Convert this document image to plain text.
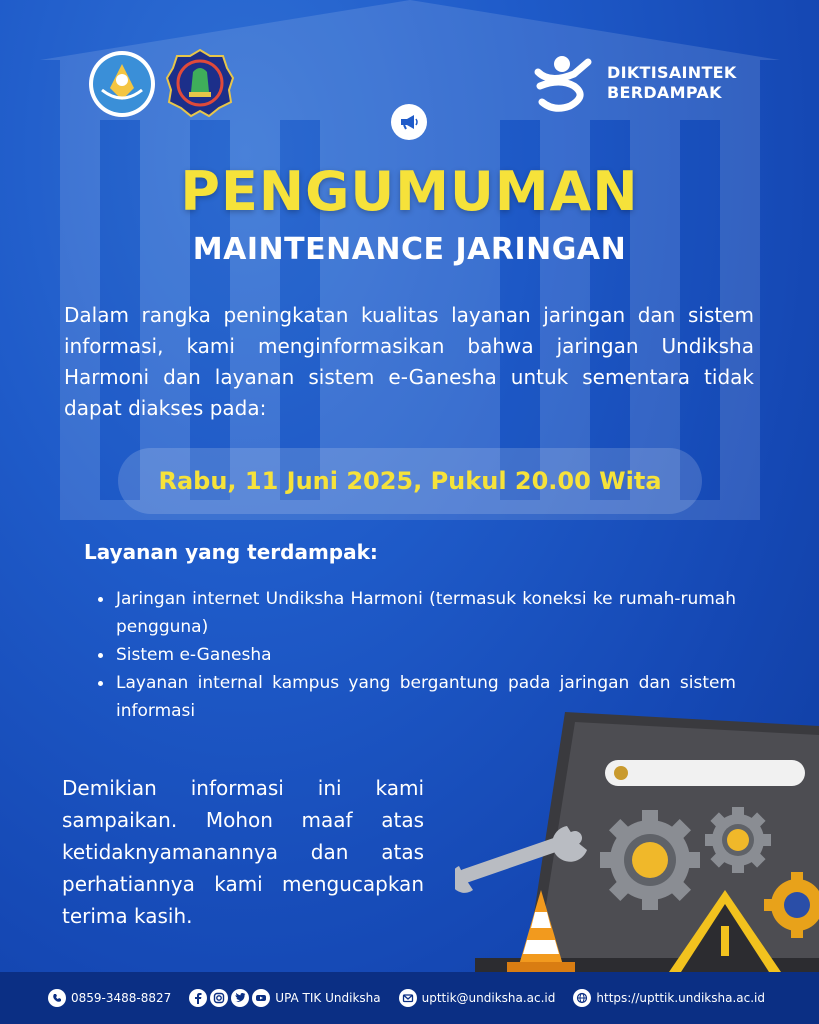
DIKTISAINTEK
BERDAMPAK
PENGUMUMAN
MAINTENANCE JARINGAN
Dalam rangka peningkatan kualitas layanan jaringan dan sistem informasi, kami menginformasikan bahwa jaringan Undiksha Harmoni dan layanan sistem e-Ganesha untuk sementara tidak dapat diakses pada:
Rabu, 11 Juni 2025, Pukul 20.00 Wita
Layanan yang terdampak:
Jaringan internet Undiksha Harmoni (termasuk koneksi ke rumah-rumah pengguna)
Sistem e-Ganesha
Layanan internal kampus yang bergantung pada jaringan dan sistem informasi
Demikian informasi ini kami sampaikan. Mohon maaf atas ketidaknyamanannya dan atas perhatiannya kami mengucapkan terima kasih.
0859-3488-8827	UPA TIK Undiksha	upttik@undiksha.ac.id	https://upttik.undiksha.ac.id
